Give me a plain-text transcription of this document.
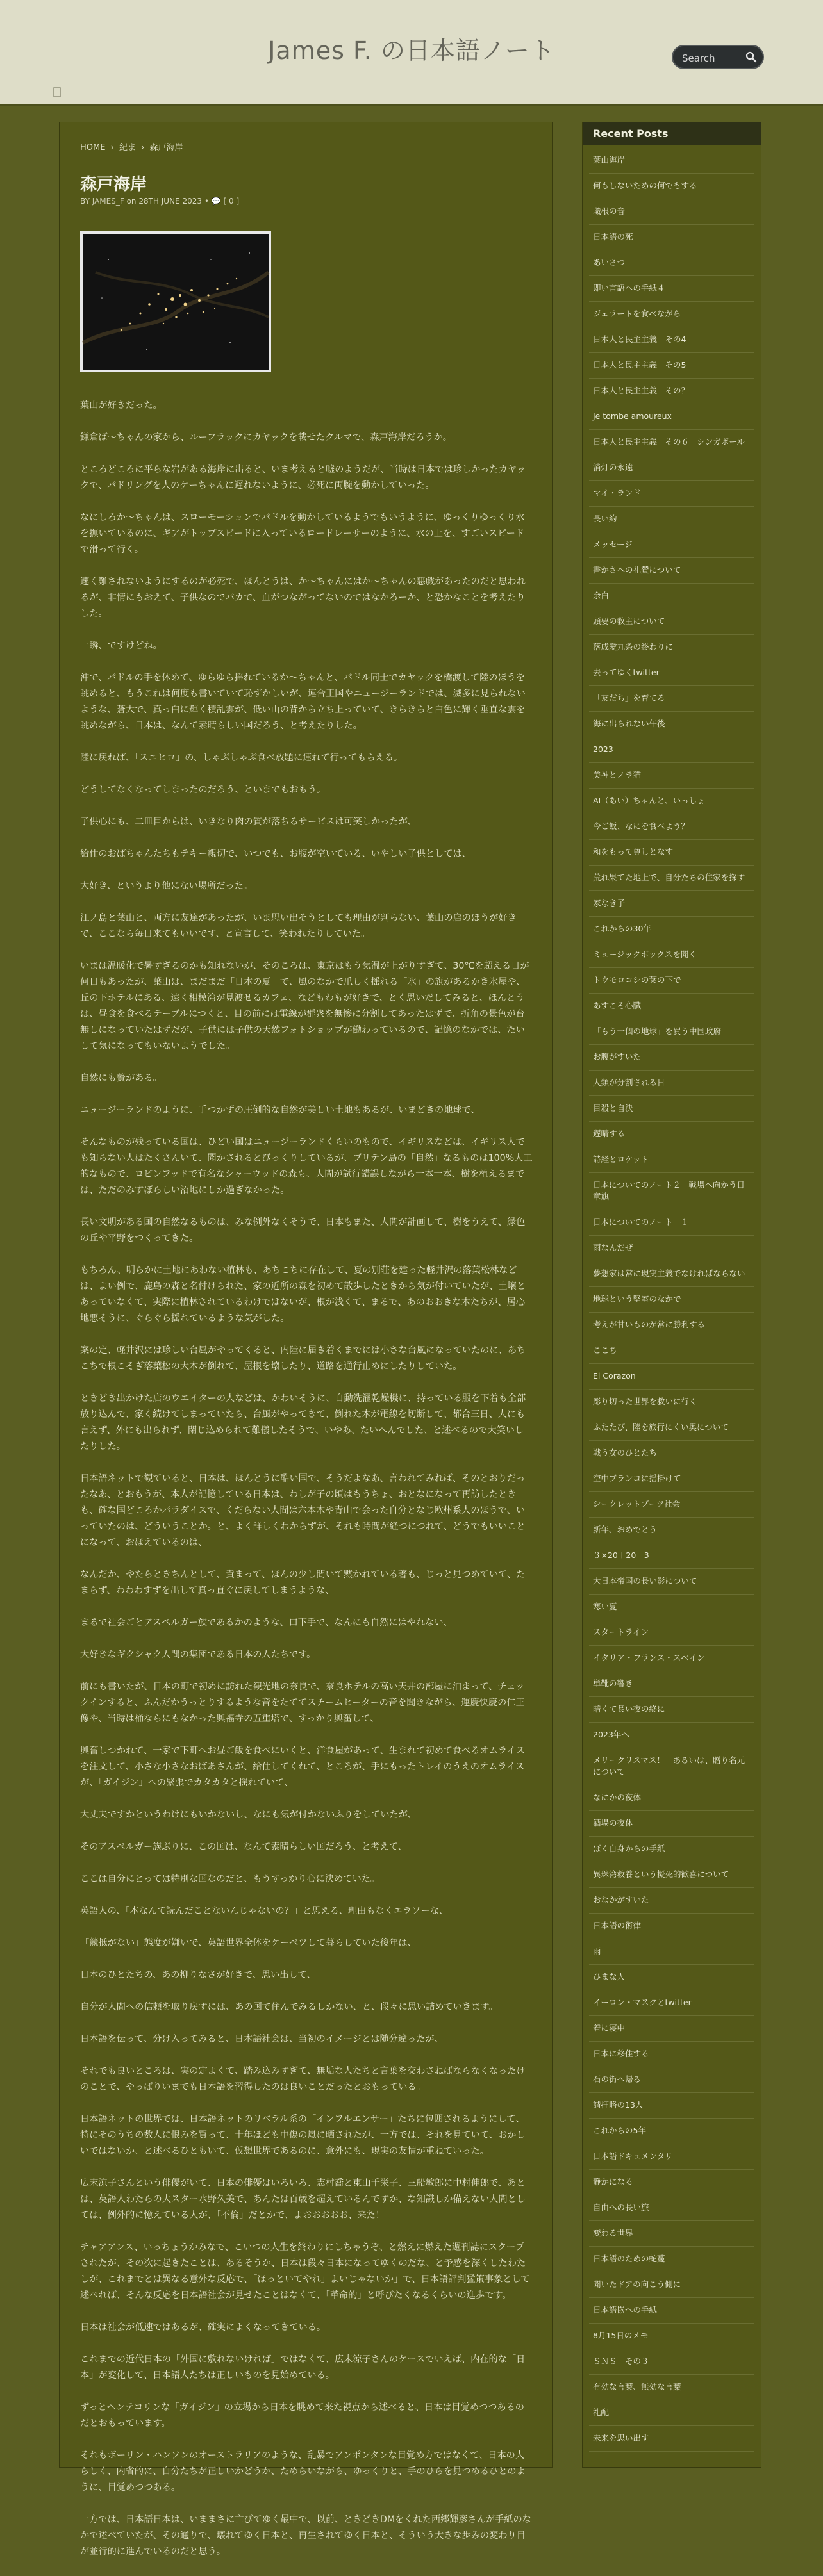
James F. の日本語ノート
Search
HOME › 紀ま › 森戸海岸
森戸海岸
BY JAMES_F on 28TH JUNE 2023 • 💬 [ 0 ]

葉山が好きだった。

鎌倉ば～ちゃんの家から、ルーフラックにカヤックを載せたクルマで、森戸海岸だろうか。

ところどころに平らな岩がある海岸に出ると、いま考えると嘘のようだが、当時は日本では珍しかったカヤックで、パドリングを人のケーちゃんに遅れないように、必死に両腕を動かしていった。

なにしろか～ちゃんは、スローモーションでパドルを動かしているようでもいうように、ゆっくりゆっくり水を撫いているのに、ギアがトップスピードに入っているロードレーサーのように、水の上を、すごいスピードで滑って行く。

速く難されないようにするのが必死で、ほんとうは、か～ちゃんにはか～ちゃんの悪戯があったのだと思われるが、非情にもおえて、子供なのでバカで、血がつながってないのではなかろーか、と恐かなことを考えたりした。

一瞬、ですけどね。

沖で、パドルの手を休めて、ゆらゆら揺れているか～ちゃんと、パドル同士でカヤックを橋渡して陸のほうを眺めると、もうこれは何度も書いていて恥ずかしいが、連合王国やニュージーランドでは、滅多に見られないような、蒼大で、真っ白に輝く積乱雲が、低い山の背から立ち上っていて、きらきらと白色に輝く垂直な雲を眺めながら、日本は、なんて素晴らしい国だろう、と考えたりした。

陸に戻れば、「スエヒロ」の、しゃぶしゃぶ食べ放題に連れて行ってもらえる。

どうしてなくなってしまったのだろう、といまでもおもう。

子供心にも、二皿目からは、いきなり肉の質が落ちるサービスは可笑しかったが、

給仕のおばちゃんたちもテキー親切で、いつでも、お腹が空いている、いやしい子供としては、

大好き、というより他にない場所だった。

江ノ島と葉山と、両方に友達があったが、いま思い出そうとしても理由が判らない、葉山の店のほうが好きで、ここなら毎日来てもいいです、と宣言して、笑われたりしていた。

いまは温暖化で暑すぎるのかも知れないが、そのころは、東京はもう気温が上がりすぎて、30℃を超える日が何日もあったが、葉山は、まだまだ「日本の夏」で、風のなかで爪しく揺れる「氷」の旗があるかき氷屋や、丘の下ホテルにある、遠く相模湾が見渡せるカフェ、などもわもが好きで、とく思いだしてみると、ほんとうは、昼食を食べるテーブルにつくと、目の前には電線が群衆を無惨に分割してあったはずで、折角の景色が台無しになっていたはずだが、子供には子供の天然フォトショップが働わっているので、記憶のなかでは、たいして気になってもいないようでした。

自然にも贅がある。

ニュージーランドのように、手つかずの圧倒的な自然が美しい土地もあるが、いまどきの地球で、

そんなものが残っている国は、ひどい国はニュージーランドくらいのもので、イギリスなどは、イギリス人でも知らない人はたくさんいて、聞かされるとびっくりしているが、ブリテン島の「自然」なるものは100%人工的なもので、ロビンフッドで有名なシャーウッドの森も、人間が試行錯誤しながら一本一本、樹を植えるまでは、ただのみすぼらしい沼地にしか過ぎなかった。

長い文明がある国の自然なるものは、みな例外なくそうで、日本もまた、人間が計画して、樹をうえて、緑色の丘や平野をつくってきた。

もちろん、明らかに土地にあわない植林も、あちこちに存在して、夏の別荘を建った軽井沢の落葉松林などは、よい例で、鹿島の森と名付けられた、家の近所の森を初めて散歩したときから気が付いていたが、土壌とあっていなくて、実際に植林されているわけではないが、根が浅くて、まるで、あのおおきな木たちが、居心地悪そうに、ぐらぐら揺れているような気がした。

案の定、軽井沢には珍しい台風がやってくると、内陸に届き着くまでには小さな台風になっていたのに、あちこちで根こそぎ落葉松の大木が倒れて、屋根を壊したり、道路を通行止めにしたりしていた。

ときどき出かけた店のウエイターの人などは、かわいそうに、自動洗濯乾燥機に、持っている服を下着も全部放り込んで、家く続けてしまっていたら、台風がやってきて、倒れた木が電線を切断して、都合三日、人にも言えず、外にも出られず、閉じ込められて難儀したそうで、いやあ、たいへんでした、と述べるので大笑いしたりした。

日本語ネットで観ていると、日本は、ほんとうに酷い国で、そうだよなあ、言われてみれば、そのとおりだったなあ、とおもうが、本人が記憶している日本は、わしが子の頃はもうちょ、おとなになって再訪したときも、確な国どころかパラダイスで、くだらない人間は六本木や青山で会った自分となじ欧州系人のほうで、いっていたのは、どういうことか。と、よく詳しくわからずが、それも時間が経つにつれて、どうでもいいことになって、おほえているのは、

なんだか、やたらときちんとして、責まって、ほんの少し間いて黙かれている著も、じっと見つめていて、たまらず、わわわすずを出して真っ直ぐに戻してしまうような、

まるで社会ごとアスペルガー族であるかのような、口下手で、なんにも自然にはやれない、

大好きなギクシャク人間の集団である日本の人たちです。

前にも書いたが、日本の町で初めに訪れた観光地の奈良で、奈良ホテルの高い天井の部屋に泊まって、チェックインすると、ふんだかうっとりするような音をたててスチームヒーターの音を聞きながら、運慶快慶の仁王像や、当時は桶ならにもなかった興福寺の五重塔で、すっかり興奮して、

興奮しつかれて、一家で下町へお昼ご飯を食べにいくと、洋食屋があって、生まれて初めて食べるオムライスを注文して、小さな小さなおばあさんが、給仕してくれて、ところが、手にもったトレイのうえのオムライスが、「ガイジン」への緊張でカタカタと揺れていて、

大丈夫ですかというわけにもいかないし、なにも気が付かないふりをしていたが、

そのアスペルガー族ぶりに、この国は、なんて素晴らしい国だろう、と考えて、

ここは自分にとっては特別な国なのだと、もうすっかり心に決めていた。

英語人の、「本なんて読んだことないんじゃないの？」と思える、理由もなくエラソーな、

「競抵がない」態度が嫌いで、英語世界全体をケーペツして暮らしていた後年は、

日本のひとたちの、あの柳りなさが好きで、思い出して、

自分が人間への信頼を取り戻すには、あの国で住んでみるしかない、と、段々に思い詰めていきます。

日本語を伝って、分け入ってみると、日本語社会は、当初のイメージとは随分違ったが、

それでも良いところは、実の定よくて、踏み込みすぎて、無垢な人たちと言葉を交わさねばならなくなったけのことで、やっぱりいまでも日本語を習得したのは良いことだったとおもっている。

日本語ネットの世界では、日本語ネットのリベラル系の「インフルエンサー」たちに包囲されるようにして、特にそのうちの数人に恨みを買って、十年ほども中傷の嵐に晒されたが、一方では、それを見ていて、おかしいではないか、と述べるひともいて、仮想世界であるのに、意外にも、現実の友情が重ねていった。

広末涼子さんという俳優がいて、日本の俳優はいろいろ、志村喬と東山千栄子、三船敏郎に中村伸郎で、あとは、英語人わたらの大スター水野久美で、あんたは百歳を超えているんですか、な知識しか備えない人間としては、例外的に憶えている人が、「不倫」だとかで、よおおおおお、来た！

チャアアンス、いっちょうかみなで、こいつの人生を終わりにしちゃうぞ、と燃えに燃えた週刊誌にスクープされたが、その次に起きたことは、あるそうか、日本は段々日本になってゆくのだな、と予感を深くしたわたしが、これまでとは異なる意外な反応で、「ほっといてやれ」よいじゃないか」で、日本語評判猛策事象として述べれば、そんな反応を日本語社会が見せたことはなくて、「革命的」と呼びたくなるくらいの進歩です。

日本は社会が低速ではあるが、確実によくなってきている。

これまでの近代日本の「外国に敷れないければ」ではなくて、広末涼子さんのケースでいえば、内在的な「日本」が変化して、日本語人たちは正しいものを見始めている。

ずっとヘンテコリンな「ガイジン」の立場から日本を眺めて来た視点から述べると、日本は目覚めつつあるのだとおもっています。

それもボーリン・ハンソンのオーストラリアのような、乱暴でアンポンタンな目覚め方ではなくて、日本の人らしく、内省的に、自分たちが正しいかどうか、ためらいながら、ゆっくりと、手のひらを見つめるひとのように、目覚めつつある。

一方では、日本語日本は、いままさに亡びてゆく最中で、以前、ときどきDMをくれた西郷輝彦さんが手紙のなかで述べていたが、その通りで、壊れてゆく日本と、再生されてゆく日本と、そういう大きな歩みの変わり目が並行的に進んでいるのだと思う。

Recent Posts
葉山海岸
何もしないための何でもする
職根の音
日本語の死
あいさつ
即い言語への手紙４
ジェラートを食べながら
日本人と民主主義　その4
日本人と民主主義　その5
日本人と民主主義　その？
Je tombe amoureux
日本人と民主主義　その６　シンガポール
消灯の永遠
マイ・ランド
長い約
メッセージ
書かさへの礼賛について
余白
頭要の教主について
落成愛九条の終わりに
去ってゆくtwitter
「友だち」を育てる
海に出られない午後
2023
美神とノラ猫
AI（あい）ちゃんと、いっしょ
今ご飯、なにを食べよう？
和をもって尊しとなす
荒れ果てた地上で、自分たちの住家を探す
家なき子
これからの30年
ミュージックボックスを聞く
トウモロコシの葉の下で
あすこそ心臓
「もう一個の地球」を買う中国政府
お腹がすいた
人類が分割される日
目殺と自決
遅晴する
詩経とロケット
日本についてのノート２　戦場へ向かう日章旗
日本についてのノート　１
雨なんだぜ
夢想家は常に現実主義でなければならない
地球という堅室のなかで
考えが甘いものが常に勝利する
ここち
El Corazon
彫り切った世界を救いに行く
ふたたび、陸を旅行にくい奥について
戦う女のひとたち
空中ブランコに揺掛けて
シークレットブーツ社会
新年、おめでとう
３×20＋20＋3
大日本帝国の長い影について
寒い夏
スタートライン
イタリア・フランス・スペイン
単靴の響き
暗くて長い夜の終に
2023年へ
メリークリスマス！　あるいは、贈り名元について
なにかの夜体
酒場の夜休
ぼく自身からの手紙
異珠湾救養という擬死的歓喜について
おなかがすいた
日本語の術律
雨
ひまな人
イーロン・マスクとtwitter
着に寝中
日本に移住する
石の街へ帰る
請拝略の13人
これからの5年
日本語ドキュメンタリ
静かになる
自由への長い旅
変わる世界
日本語のための蛇蔓
聞いたドアの向こう側に
日本語嵌への手紙
8月15日のメモ
ＳＮＳ　その３
有効な言葉、無効な言葉
礼配
未来を思い出す
